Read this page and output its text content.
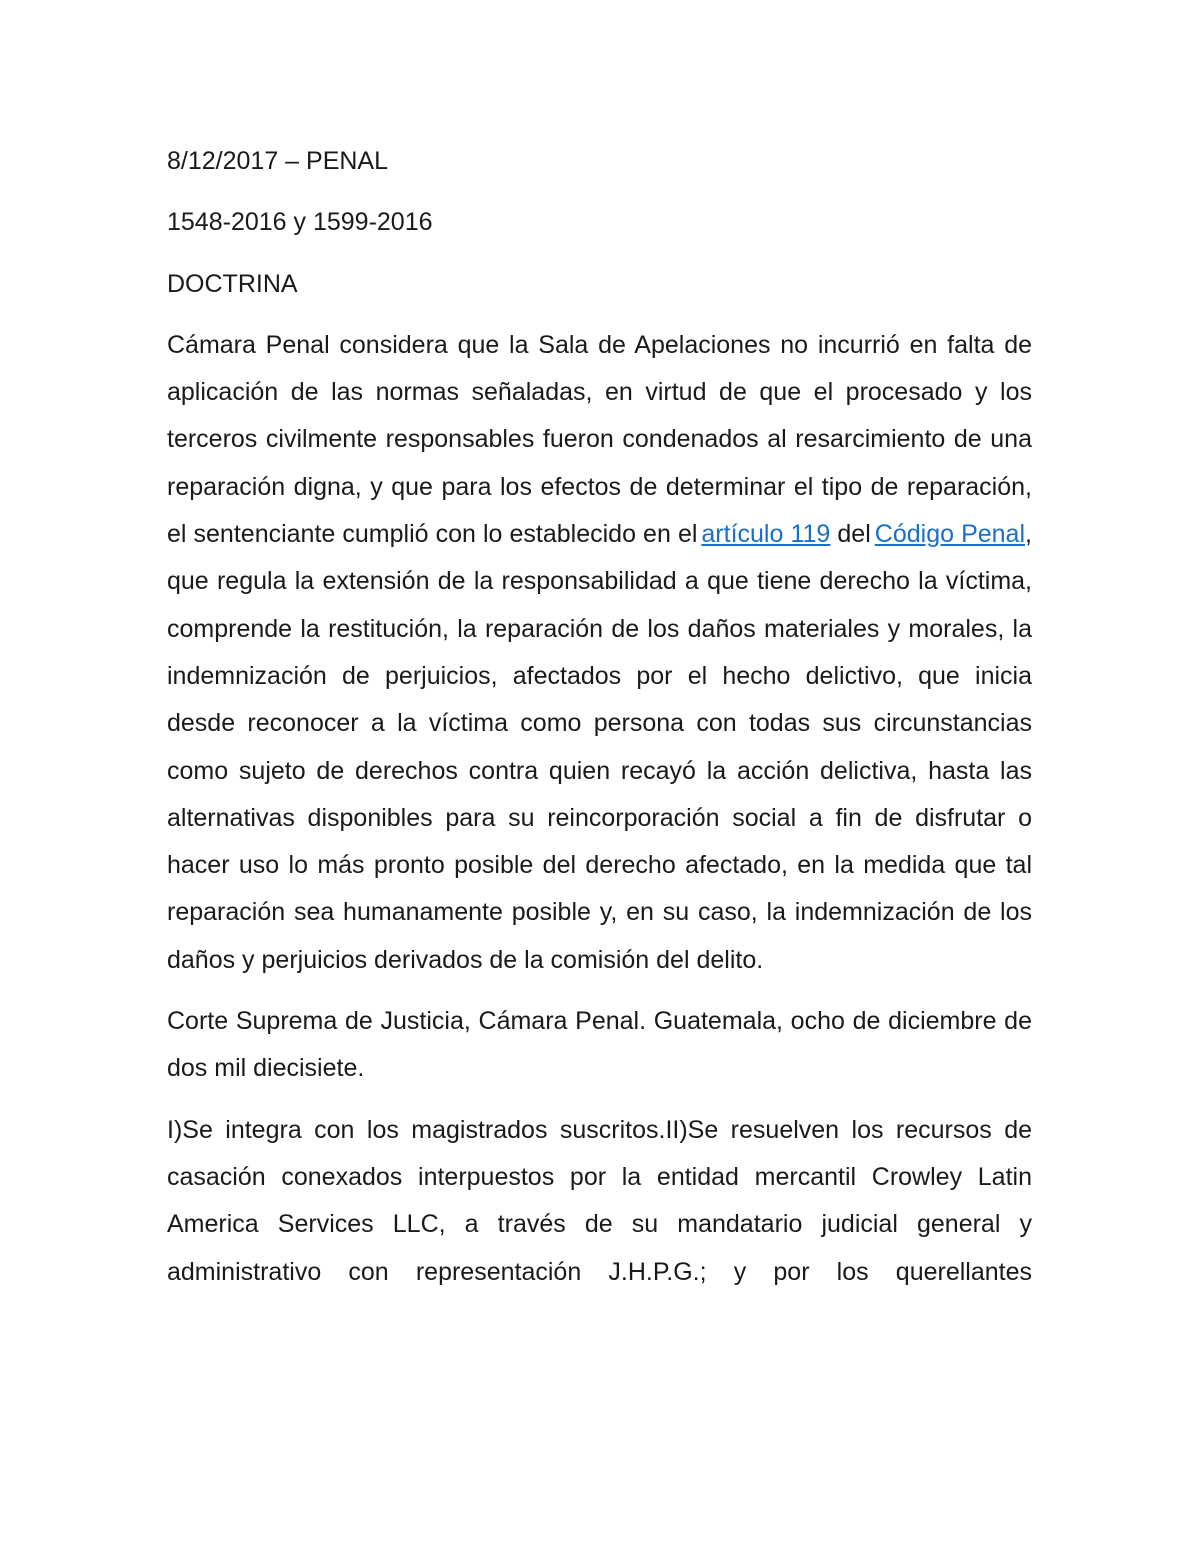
8/12/2017 – PENAL
1548-2016 y 1599-2016
DOCTRINA

Cámara Penal considera que la Sala de Apelaciones no incurrió en falta de aplicación de las normas señaladas, en virtud de que el procesado y los terceros civilmente responsables fueron condenados al resarcimiento de una reparación digna, y que para los efectos de determinar el tipo de reparación, el sentenciante cumplió con lo establecido en el artículo 119 del Código Penal, que regula la extensión de la responsabilidad a que tiene derecho la víctima, comprende la restitución, la reparación de los daños materiales y morales, la indemnización de perjuicios, afectados por el hecho delictivo, que inicia desde reconocer a la víctima como persona con todas sus circunstancias como sujeto de derechos contra quien recayó la acción delictiva, hasta las alternativas disponibles para su reincorporación social a fin de disfrutar o hacer uso lo más pronto posible del derecho afectado, en la medida que tal reparación sea humanamente posible y, en su caso, la indemnización de los daños y perjuicios derivados de la comisión del delito.

Corte Suprema de Justicia, Cámara Penal. Guatemala, ocho de diciembre de dos mil diecisiete.

I)Se integra con los magistrados suscritos.II)Se resuelven los recursos de casación conexados interpuestos por la entidad mercantil Crowley Latin America Services LLC, a través de su mandatario judicial general y administrativo con representación J.H.P.G.; y por los querellantes
